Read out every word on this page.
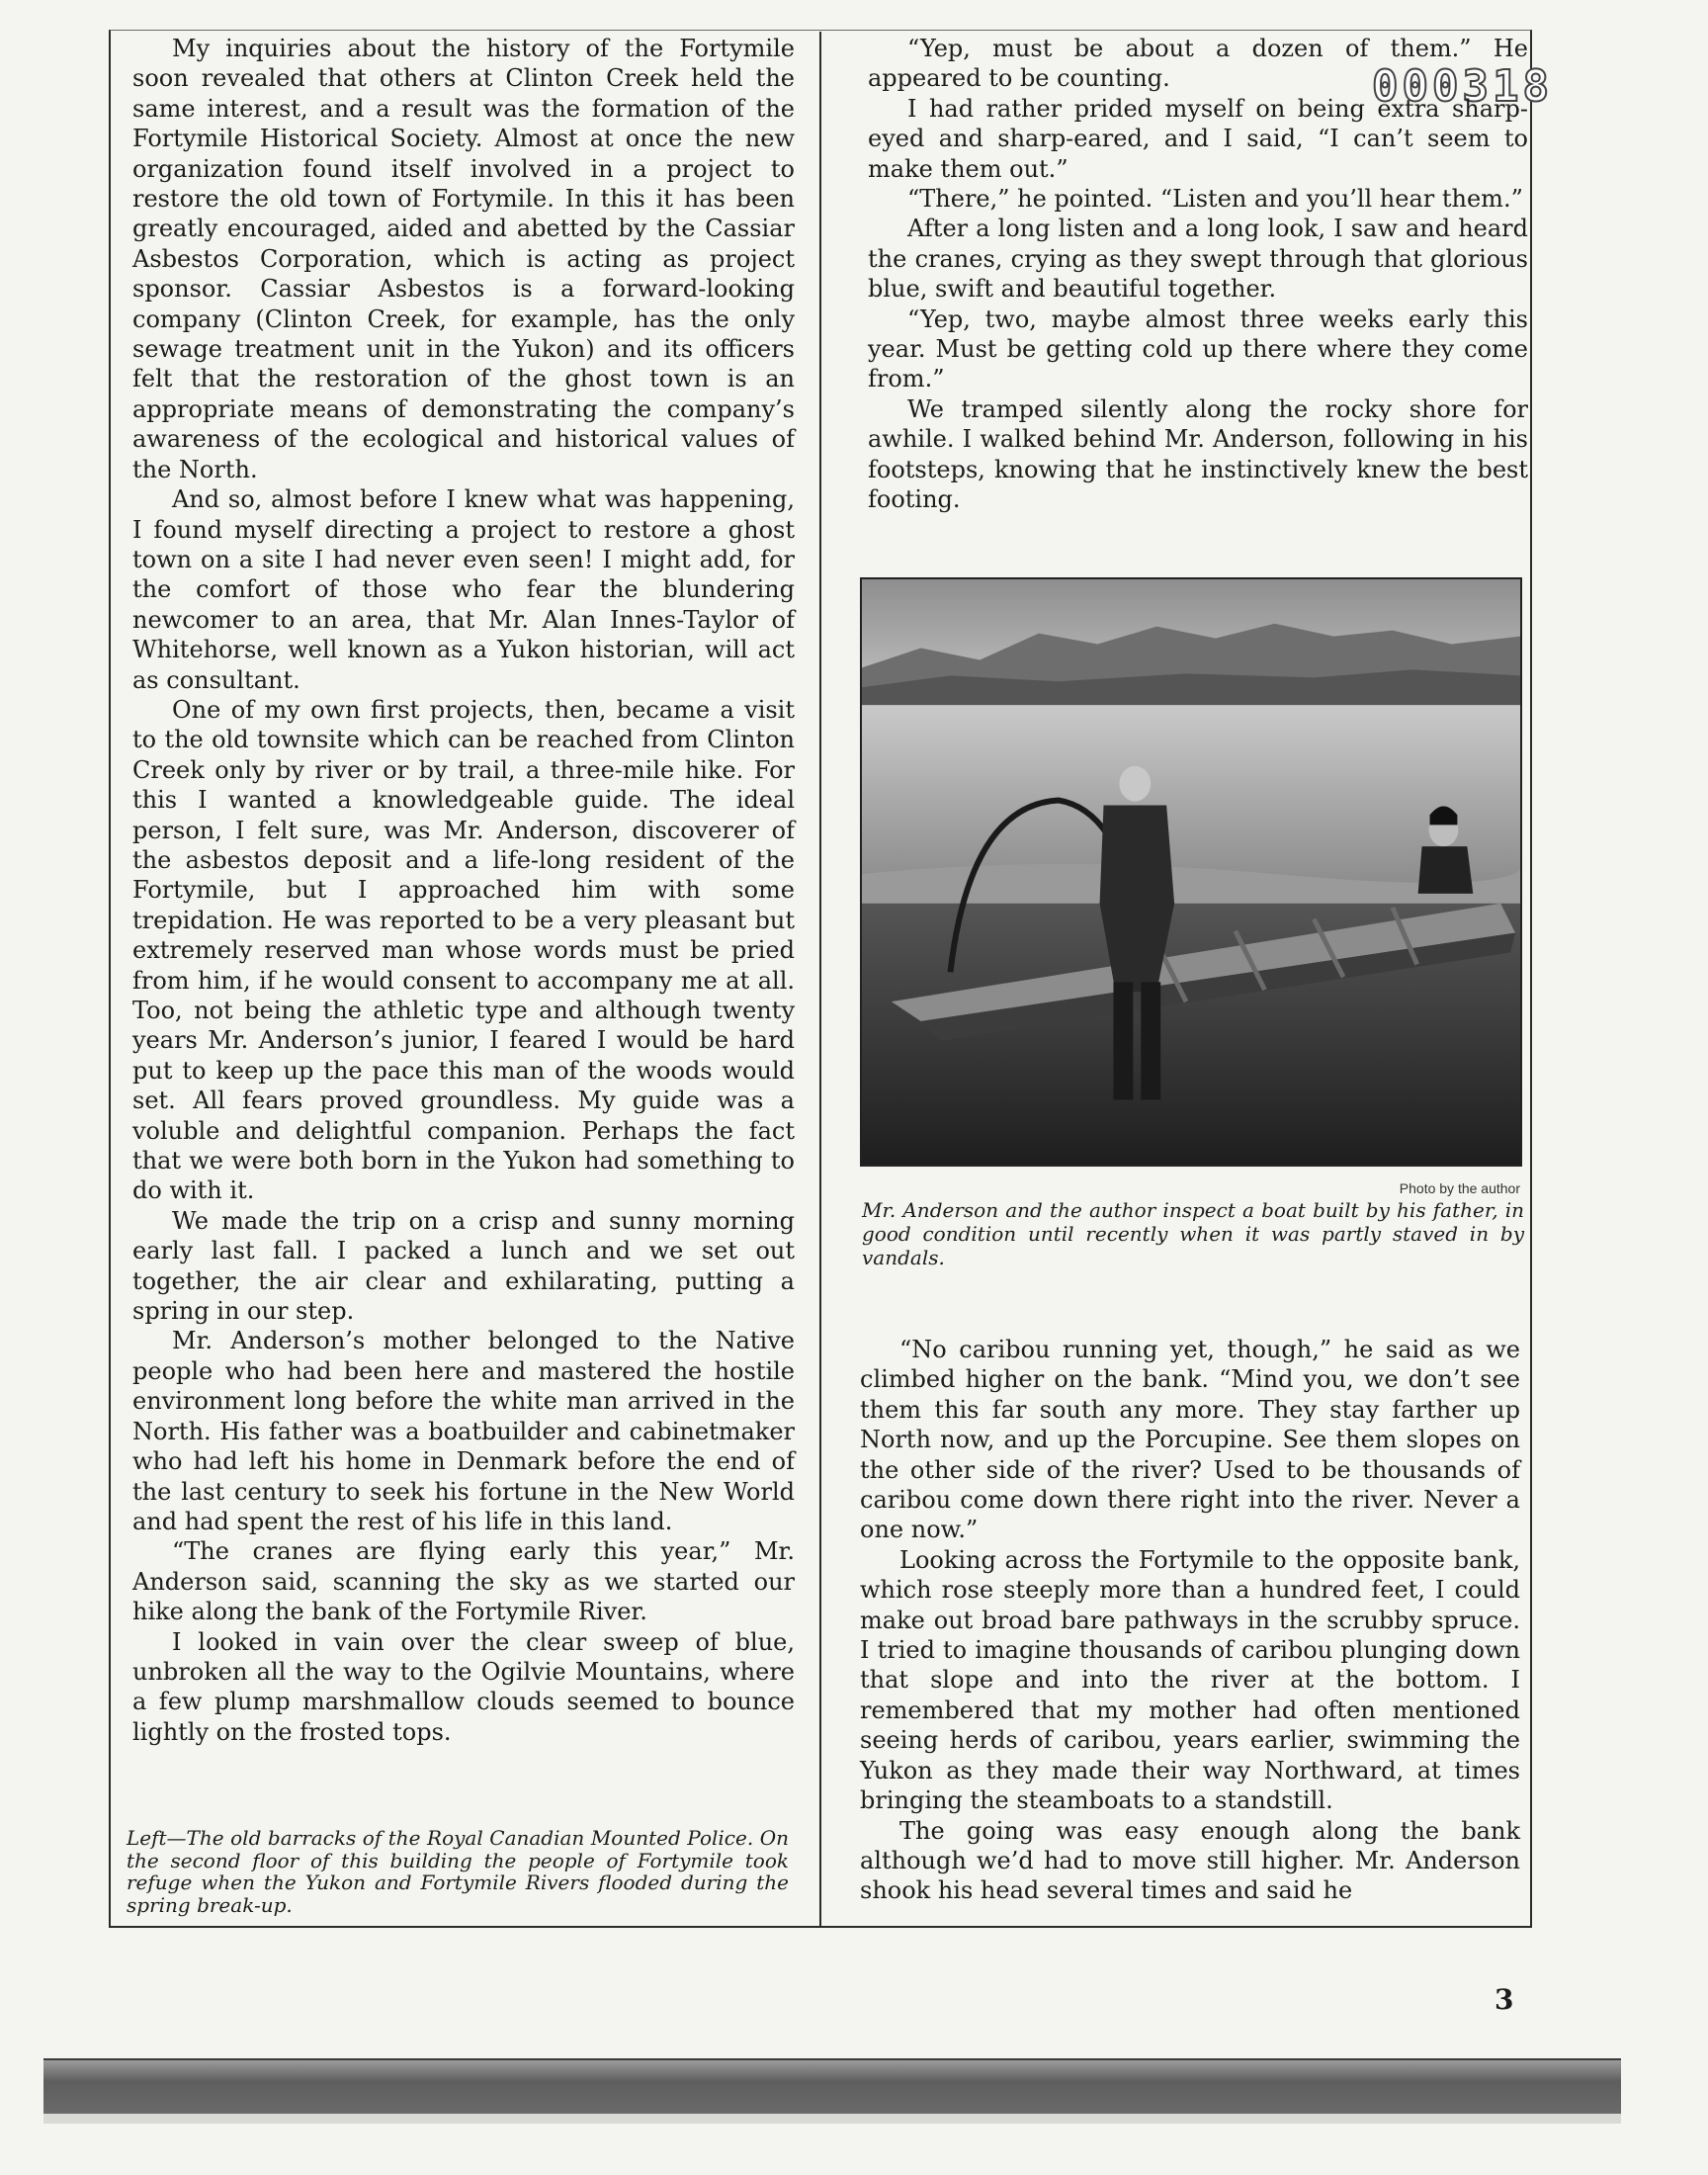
000318

My inquiries about the history of the Fortymile soon revealed that others at Clinton Creek held the same interest, and a result was the formation of the Fortymile Historical Society. Almost at once the new organization found itself involved in a project to restore the old town of Fortymile. In this it has been greatly encouraged, aided and abetted by the Cassiar Asbestos Corporation, which is acting as project sponsor. Cassiar Asbestos is a forward-looking company (Clinton Creek, for example, has the only sewage treatment unit in the Yukon) and its officers felt that the restoration of the ghost town is an appropriate means of demonstrating the company’s awareness of the ecological and historical values of the North.

And so, almost before I knew what was happening, I found myself directing a project to restore a ghost town on a site I had never even seen! I might add, for the comfort of those who fear the blundering newcomer to an area, that Mr. Alan Innes-Taylor of Whitehorse, well known as a Yukon historian, will act as consultant.

One of my own first projects, then, became a visit to the old townsite which can be reached from Clinton Creek only by river or by trail, a three-mile hike. For this I wanted a knowledgeable guide. The ideal person, I felt sure, was Mr. Anderson, discoverer of the asbestos deposit and a life-long resident of the Fortymile, but I approached him with some trepidation. He was reported to be a very pleasant but extremely reserved man whose words must be pried from him, if he would consent to accompany me at all. Too, not being the athletic type and although twenty years Mr. Anderson’s junior, I feared I would be hard put to keep up the pace this man of the woods would set. All fears proved groundless. My guide was a voluble and delightful companion. Perhaps the fact that we were both born in the Yukon had something to do with it.

We made the trip on a crisp and sunny morning early last fall. I packed a lunch and we set out together, the air clear and exhilarating, putting a spring in our step.

Mr. Anderson’s mother belonged to the Native people who had been here and mastered the hostile environment long before the white man arrived in the North. His father was a boatbuilder and cabinetmaker who had left his home in Denmark before the end of the last century to seek his fortune in the New World and had spent the rest of his life in this land.

“The cranes are flying early this year,” Mr. Anderson said, scanning the sky as we started our hike along the bank of the Fortymile River.

I looked in vain over the clear sweep of blue, unbroken all the way to the Ogilvie Mountains, where a few plump marshmallow clouds seemed to bounce lightly on the frosted tops.

Left—The old barracks of the Royal Canadian Mounted Police. On the second floor of this building the people of Fortymile took refuge when the Yukon and Fortymile Rivers flooded during the spring break-up.

“Yep, must be about a dozen of them.” He appeared to be counting.

I had rather prided myself on being extra sharp-eyed and sharp-eared, and I said, “I can’t seem to make them out.”

“There,” he pointed. “Listen and you’ll hear them.”

After a long listen and a long look, I saw and heard the cranes, crying as they swept through that glorious blue, swift and beautiful together.

“Yep, two, maybe almost three weeks early this year. Must be getting cold up there where they come from.”

We tramped silently along the rocky shore for awhile. I walked behind Mr. Anderson, following in his footsteps, knowing that he instinctively knew the best footing.

Photo by the author
Mr. Anderson and the author inspect a boat built by his father, in good condition until recently when it was partly staved in by vandals.

“No caribou running yet, though,” he said as we climbed higher on the bank. “Mind you, we don’t see them this far south any more. They stay farther up North now, and up the Porcupine. See them slopes on the other side of the river? Used to be thousands of caribou come down there right into the river. Never a one now.”

Looking across the Fortymile to the opposite bank, which rose steeply more than a hundred feet, I could make out broad bare pathways in the scrubby spruce. I tried to imagine thousands of caribou plunging down that slope and into the river at the bottom. I remembered that my mother had often mentioned seeing herds of caribou, years earlier, swimming the Yukon as they made their way Northward, at times bringing the steamboats to a standstill.

The going was easy enough along the bank although we’d had to move still higher. Mr. Anderson shook his head several times and said he

3
